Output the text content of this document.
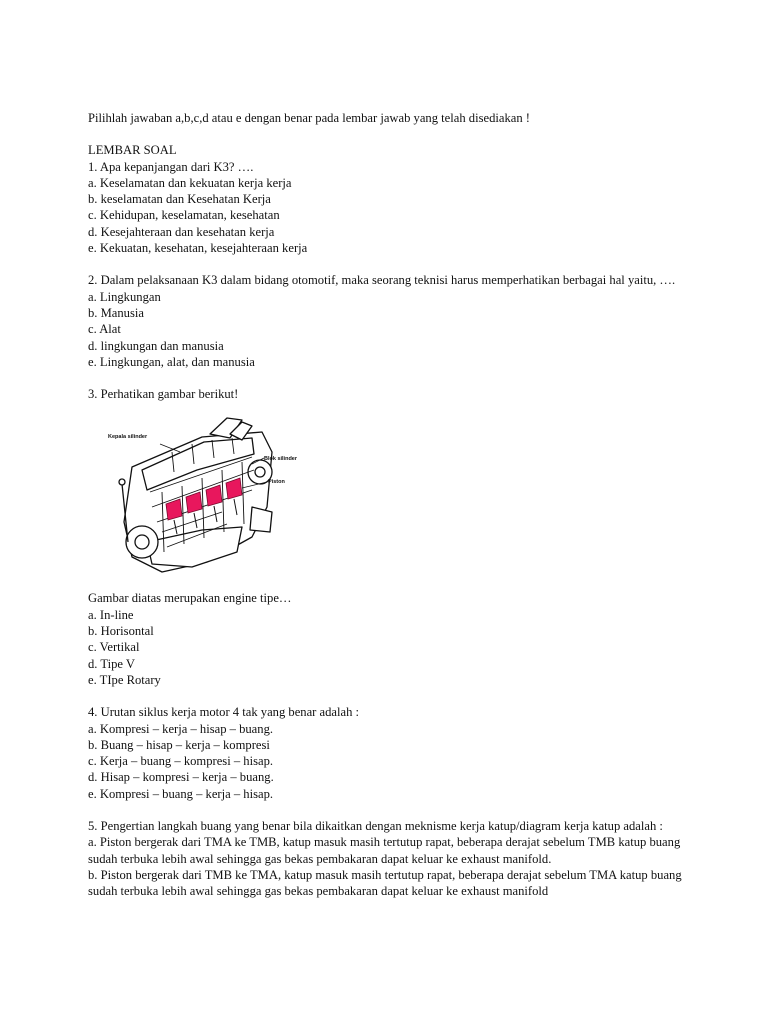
Pilihlah jawaban a,b,c,d atau e dengan benar pada lembar jawab yang telah disediakan !
LEMBAR SOAL
1. Apa kepanjangan dari K3? ….
a. Keselamatan dan kekuatan kerja kerja
b. keselamatan dan Kesehatan Kerja
c. Kehidupan, keselamatan, kesehatan
d. Kesejahteraan dan kesehatan kerja
e. Kekuatan, kesehatan, kesejahteraan kerja
2. Dalam pelaksanaan K3 dalam bidang otomotif, maka seorang teknisi harus memperhatikan berbagai hal yaitu, ….
a. Lingkungan
b. Manusia
c. Alat
d. lingkungan dan manusia
e. Lingkungan, alat, dan manusia
3. Perhatikan gambar berikut!
Kepala silinder
Blok silinder
Piston
Gambar diatas merupakan engine tipe…
a. In-line
b. Horisontal
c. Vertikal
d. Tipe V
e. TIpe Rotary
4. Urutan siklus kerja motor 4 tak yang benar adalah :
a. Kompresi – kerja – hisap – buang.
b. Buang – hisap – kerja – kompresi
c. Kerja – buang – kompresi – hisap.
d. Hisap – kompresi – kerja – buang.
e. Kompresi – buang – kerja – hisap.
5. Pengertian langkah buang yang benar bila dikaitkan dengan meknisme kerja katup/diagram kerja katup adalah :
a. Piston bergerak dari TMA ke TMB, katup masuk masih tertutup rapat, beberapa derajat sebelum TMB katup buang sudah terbuka lebih awal sehingga gas bekas pembakaran dapat keluar ke exhaust manifold.
b. Piston bergerak dari TMB ke TMA, katup masuk masih tertutup rapat, beberapa derajat sebelum TMA katup buang sudah terbuka lebih awal sehingga gas bekas pembakaran dapat keluar ke exhaust manifold
